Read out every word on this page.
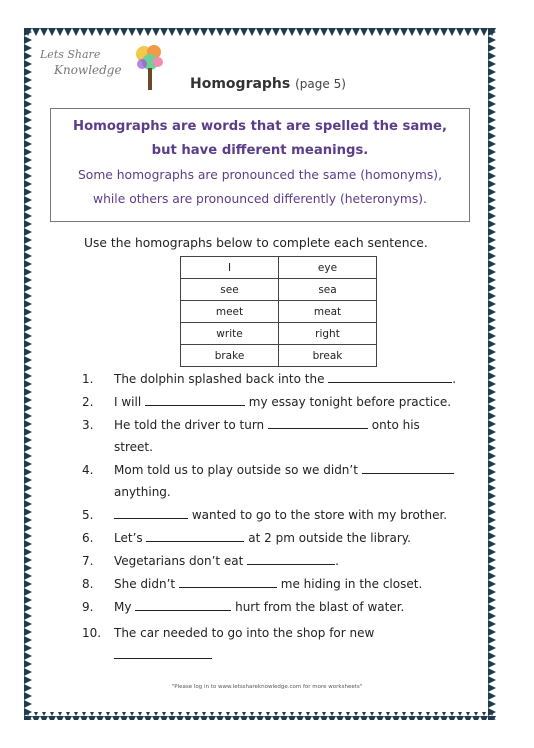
Lets Share
Knowledge
Homographs (page 5)
Homographs are words that are spelled the same,
but have different meanings.
Some homographs are pronounced the same (homonyms),
while others are pronounced differently (heteronyms).
Use the homographs below to complete each sentence.
I	eye
see	sea
meet	meat
write	right
brake	break
1. The dolphin splashed back into the	.
2. I will	my essay tonight before practice.
3. He told the driver to turn	onto his
street.
4. Mom told us to play outside so we didn’t
anything.
5.	wanted to go to the store with my brother.
6. Let’s	at 2 pm outside the library.
7. Vegetarians don’t eat	.
8. She didn’t	me hiding in the closet.
9. My	hurt from the blast of water.
10. The car needed to go into the shop for new
"Please log in to www.letsshareknowledge.com for more worksheets"
